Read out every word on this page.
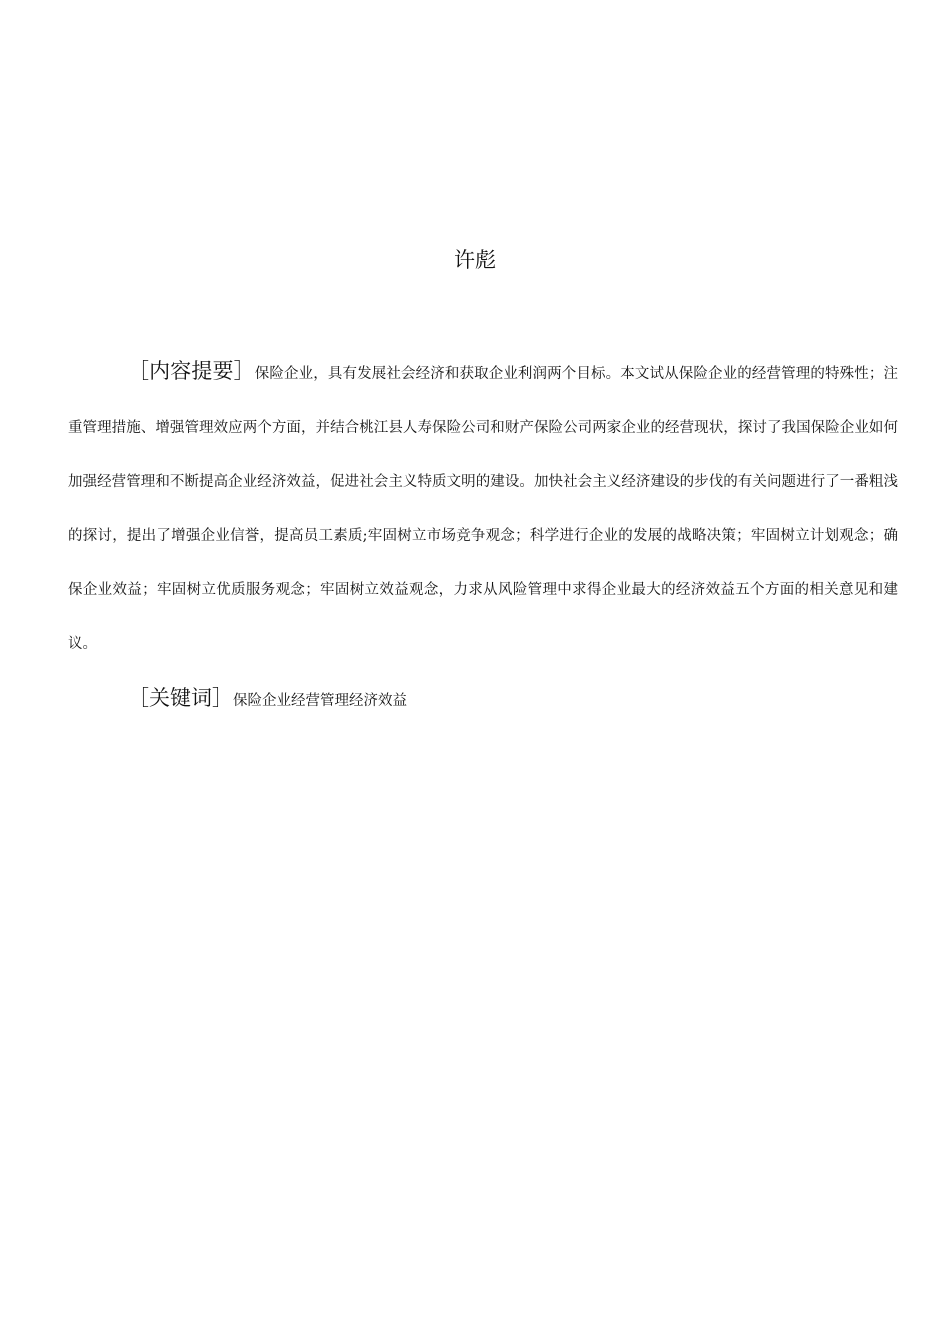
许彪

［内容提要］保险企业，具有发展社会经济和获取企业利润两个目标。本文试从保险企业的经营管理的特殊性；注重管理措施、增强管理效应两个方面，并结合桃江县人寿保险公司和财产保险公司两家企业的经营现状，探讨了我国保险企业如何加强经营管理和不断提高企业经济效益，促进社会主义特质文明的建设。加快社会主义经济建设的步伐的有关问题进行了一番粗浅的探讨，提出了增强企业信誉，提高员工素质;牢固树立市场竞争观念；科学进行企业的发展的战略决策；牢固树立计划观念；确保企业效益；牢固树立优质服务观念；牢固树立效益观念，力求从风险管理中求得企业最大的经济效益五个方面的相关意见和建议。

［关键词］保险企业经营管理经济效益
